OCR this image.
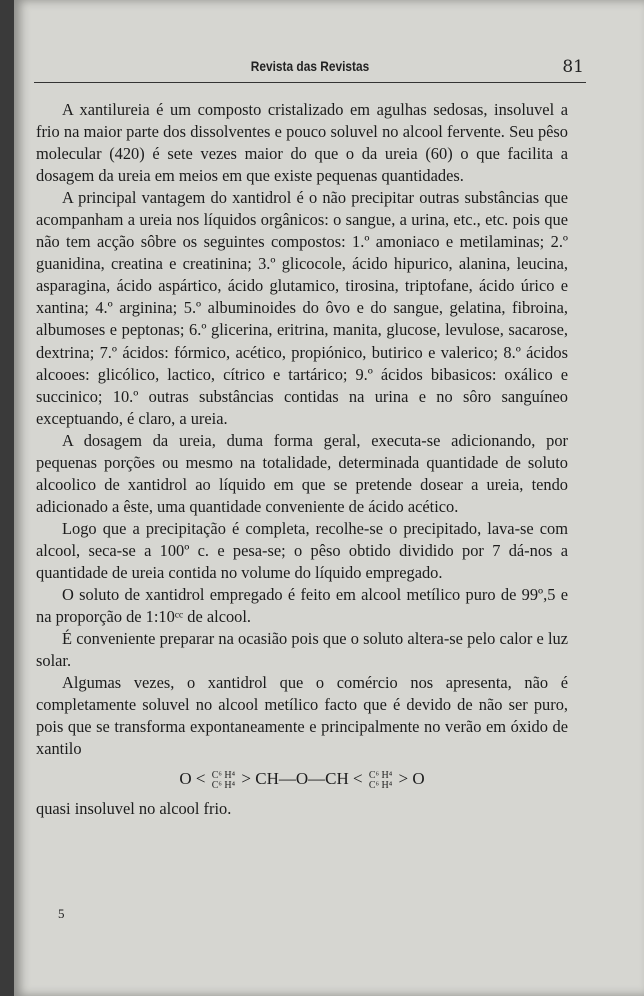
Revista das Revistas	81

A xantilureia é um composto cristalizado em agulhas sedosas, insoluvel a frio na maior parte dos dissolventes e pouco soluvel no alcool fervente. Seu pêso molecular (420) é sete vezes maior do que o da ureia (60) o que facilita a dosagem da ureia em meios em que existe pequenas quantidades.

A principal vantagem do xantidrol é o não precipitar outras substâncias que acompanham a ureia nos líquidos orgânicos: o sangue, a urina, etc., etc. pois que não tem acção sôbre os seguintes compostos: 1.º amoniaco e metilaminas; 2.º guanidina, creatina e creatinina; 3.º glicocole, ácido hipurico, alanina, leucina, asparagina, ácido aspártico, ácido glutamico, tirosina, triptofane, ácido úrico e xantina; 4.º arginina; 5.º albuminoides do ôvo e do sangue, gelatina, fibroina, albumoses e peptonas; 6.º glicerina, eritrina, manita, glucose, levulose, sacarose, dextrina; 7.º ácidos: fórmico, acético, propiónico, butirico e valerico; 8.º ácidos alcooes: glicólico, lactico, cítrico e tartárico; 9.º ácidos bibasicos: oxálico e succinico; 10.º outras substâncias contidas na urina e no sôro sanguíneo exceptuando, é claro, a ureia.

A dosagem da ureia, duma forma geral, executa-se adicionando, por pequenas porções ou mesmo na totalidade, determinada quantidade de soluto alcoolico de xantidrol ao líquido em que se pretende dosear a ureia, tendo adicionado a êste, uma quantidade conveniente de ácido acético.

Logo que a precipitação é completa, recolhe-se o precipitado, lava-se com alcool, seca-se a 100º c. e pesa-se; o pêso obtido dividido por 7 dá-nos a quantidade de ureia contida no volume do líquido empregado.

O soluto de xantidrol empregado é feito em alcool metílico puro de 99º,5 e na proporção de 1:10ᶜᶜ de alcool.

É conveniente preparar na ocasião pois que o soluto altera-se pelo calor e luz solar.

Algumas vezes, o xantidrol que o comércio nos apresenta, não é completamente soluvel no alcool metílico facto que é devido de não ser puro, pois que se transforma expontaneamente e principalmente no verão em óxido de xantilo

O < C⁶ H⁴
C⁶ H⁴ > CH—O—CH < C⁶ H⁴
C⁶ H⁴ > O

quasi insoluvel no alcool frio.

5
